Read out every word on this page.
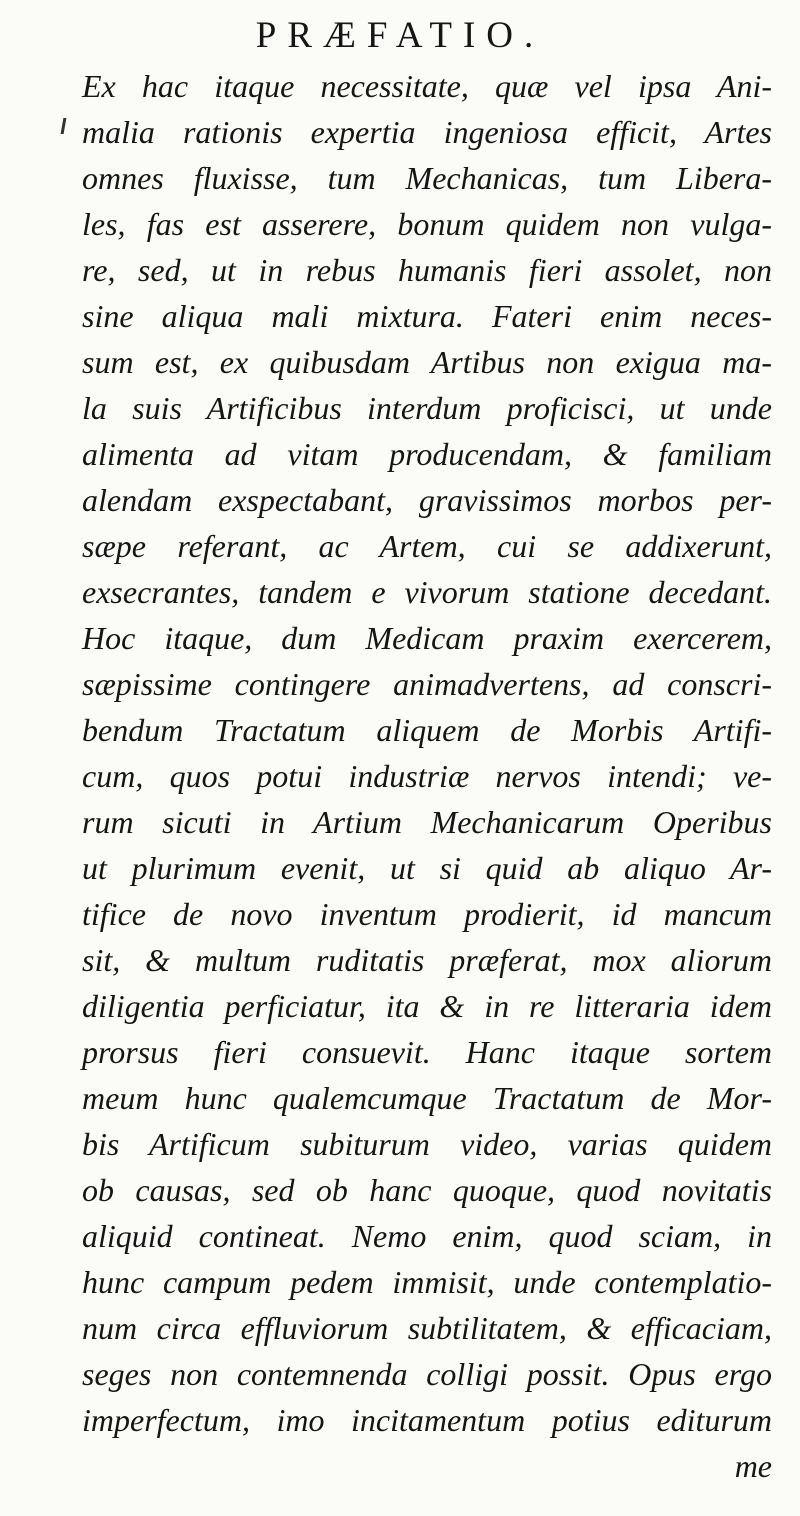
PRÆFATIO.
Ex hac itaque necessitate, quæ vel ipsa Ani-
malia rationis expertia ingeniosa efficit, Artes
omnes fluxisse, tum Mechanicas, tum Libera-
les, fas est asserere, bonum quidem non vulga-
re, sed, ut in rebus humanis fieri assolet, non
sine aliqua mali mixtura. Fateri enim neces-
sum est, ex quibusdam Artibus non exigua ma-
la suis Artificibus interdum proficisci, ut unde
alimenta ad vitam producendam, & familiam
alendam exspectabant, gravissimos morbos per-
sæpe referant, ac Artem, cui se addixerunt,
exsecrantes, tandem e vivorum statione decedant.
Hoc itaque, dum Medicam praxim exercerem,
sæpissime contingere animadvertens, ad conscri-
bendum Tractatum aliquem de Morbis Artifi-
cum, quos potui industriæ nervos intendi; ve-
rum sicuti in Artium Mechanicarum Operibus
ut plurimum evenit, ut si quid ab aliquo Ar-
tifice de novo inventum prodierit, id mancum
sit, & multum ruditatis præferat, mox aliorum
diligentia perficiatur, ita & in re litteraria idem
prorsus fieri consuevit. Hanc itaque sortem
meum hunc qualemcumque Tractatum de Mor-
bis Artificum subiturum video, varias quidem
ob causas, sed ob hanc quoque, quod novitatis
aliquid contineat. Nemo enim, quod sciam, in
hunc campum pedem immisit, unde contemplatio-
num circa effluviorum subtilitatem, & efficaciam,
seges non contemnenda colligi possit. Opus ergo
imperfectum, imo incitamentum potius editurum
me
